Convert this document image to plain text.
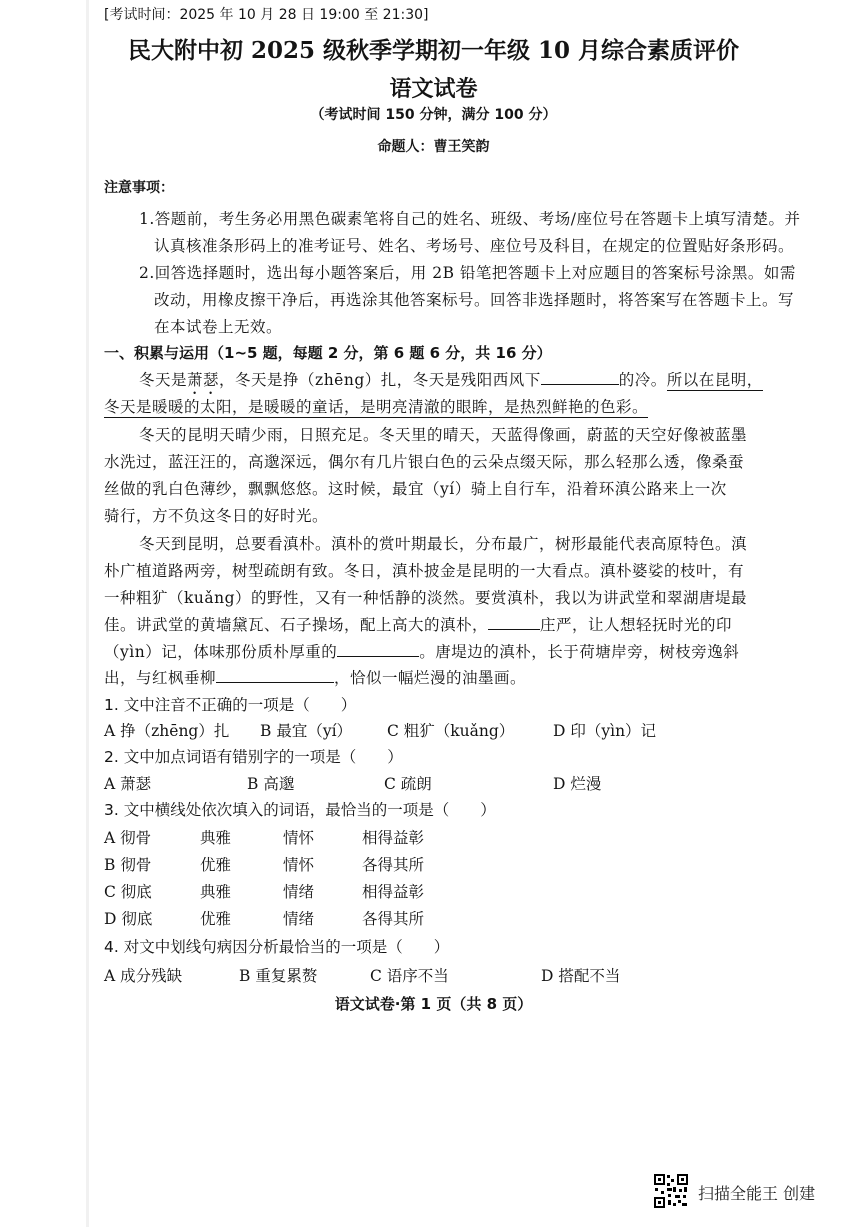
[考试时间：2025 年 10 月 28 日 19:00 至 21:30]
民大附中初 2025 级秋季学期初一年级 10 月综合素质评价
语文试卷
（考试时间 150 分钟，满分 100 分）
命题人：曹王笑韵
注意事项：
1.答题前，考生务必用黑色碳素笔将自己的姓名、班级、考场/座位号在答题卡上填写清楚。并
认真核准条形码上的准考证号、姓名、考场号、座位号及科目，在规定的位置贴好条形码。
2.回答选择题时，选出每小题答案后，用 2B 铅笔把答题卡上对应题目的答案标号涂黑。如需
改动，用橡皮擦干净后，再选涂其他答案标号。回答非选择题时，将答案写在答题卡上。写
在本试卷上无效。
一、积累与运用（1~5 题，每题 2 分，第 6 题 6 分，共 16 分）
冬天是萧瑟，冬天是挣（zhēng）扎，冬天是残阳西风下	的冷。所以在昆明，
冬天是暖暖的太阳，是暖暖的童话，是明亮清澈的眼眸，是热烈鲜艳的色彩。
冬天的昆明天晴少雨，日照充足。冬天里的晴天，天蓝得像画，蔚蓝的天空好像被蓝墨
水洗过，蓝汪汪的，高邈深远，偶尔有几片银白色的云朵点缀天际，那么轻那么透，像桑蚕
丝做的乳白色薄纱，飘飘悠悠。这时候，最宜（yí）骑上自行车，沿着环滇公路来上一次
骑行，方不负这冬日的好时光。
冬天到昆明，总要看滇朴。滇朴的赏叶期最长，分布最广，树形最能代表高原特色。滇
朴广植道路两旁，树型疏朗有致。冬日，滇朴披金是昆明的一大看点。滇朴婆娑的枝叶，有
一种粗犷（kuǎng）的野性，又有一种恬静的淡然。要赏滇朴，我以为讲武堂和翠湖唐堤最
佳。讲武堂的黄墙黛瓦、石子操场，配上高大的滇朴，	庄严，让人想轻抚时光的印
（yìn）记，体味那份质朴厚重的	。唐堤边的滇朴，长于荷塘岸旁，树枝旁逸斜
出，与红枫垂柳	，恰似一幅烂漫的油墨画。
1. 文中注音不正确的一项是（　　）
A 挣（zhēng）扎 B 最宜（yí） C 粗犷（kuǎng） D 印（yìn）记
2. 文中加点词语有错别字的一项是（　　）
A 萧瑟	B 高邈	C 疏朗	D 烂漫
3. 文中横线处依次填入的词语，最恰当的一项是（　　）
A 彻骨	典雅	情怀	相得益彰
B 彻骨	优雅	情怀	各得其所
C 彻底	典雅	情绪	相得益彰
D 彻底	优雅	情绪	各得其所
4. 对文中划线句病因分析最恰当的一项是（　　）
A 成分残缺	B 重复累赘	C 语序不当	D 搭配不当
语文试卷·第 1 页（共 8 页）
扫描全能王 创建
